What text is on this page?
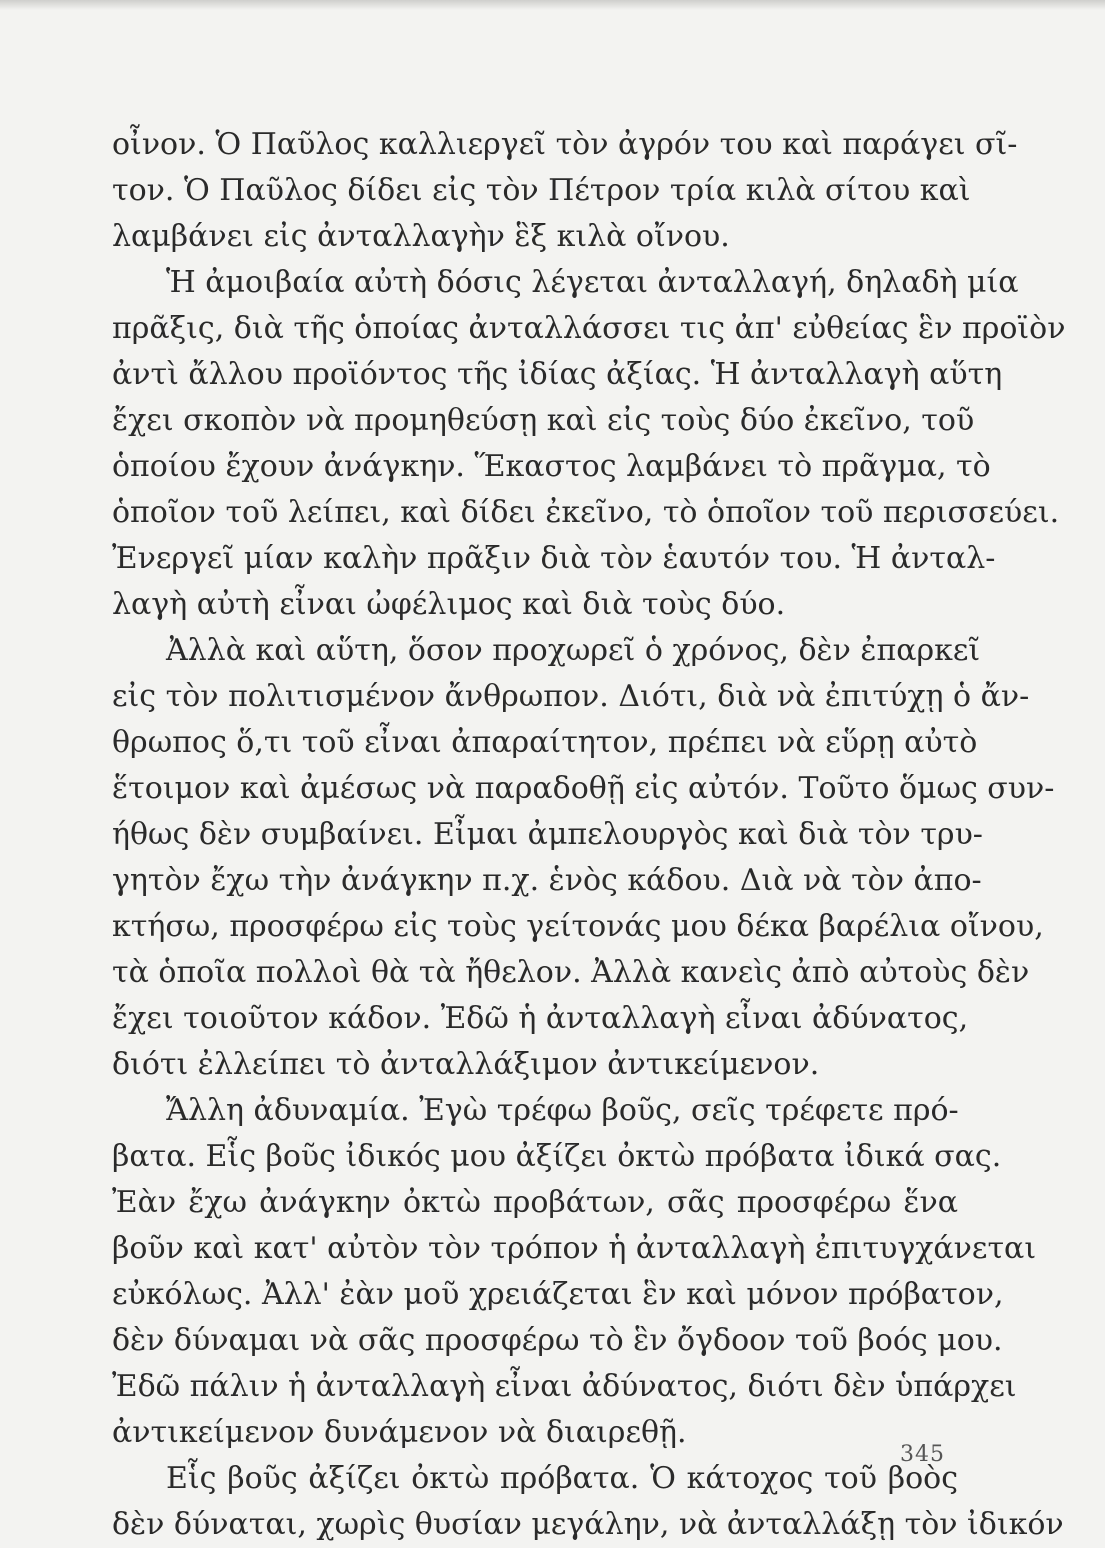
οἶνον. Ὁ Παῦλος καλλιεργεῖ τὸν ἀγρόν του καὶ παράγει σῖ-
τον. Ὁ Παῦλος δίδει εἰς τὸν Πέτρον τρία κιλὰ σίτου καὶ
λαμβάνει εἰς ἀνταλλαγὴν ἓξ κιλὰ οἴνου.
Ἡ ἀμοιβαία αὐτὴ δόσις λέγεται ἀνταλλαγή, δηλαδὴ μία
πρᾶξις, διὰ τῆς ὁποίας ἀνταλλάσσει τις ἀπ' εὐθείας ἓν προϊὸν
ἀντὶ ἄλλου προϊόντος τῆς ἰδίας ἀξίας. Ἡ ἀνταλλαγὴ αὕτη
ἔχει σκοπὸν νὰ προμηθεύσῃ καὶ εἰς τοὺς δύο ἐκεῖνο, τοῦ
ὁποίου ἔχουν ἀνάγκην. Ἕκαστος λαμβάνει τὸ πρᾶγμα, τὸ
ὁποῖον τοῦ λείπει, καὶ δίδει ἐκεῖνο, τὸ ὁποῖον τοῦ περισσεύει.
Ἐνεργεῖ μίαν καλὴν πρᾶξιν διὰ τὸν ἑαυτόν του. Ἡ ἀνταλ-
λαγὴ αὐτὴ εἶναι ὠφέλιμος καὶ διὰ τοὺς δύο.
Ἀλλὰ καὶ αὕτη, ὅσον προχωρεῖ ὁ χρόνος, δὲν ἐπαρκεῖ
εἰς τὸν πολιτισμένον ἄνθρωπον. Διότι, διὰ νὰ ἐπιτύχῃ ὁ ἄν-
θρωπος ὅ,τι τοῦ εἶναι ἀπαραίτητον, πρέπει νὰ εὕρῃ αὐτὸ
ἕτοιμον καὶ ἀμέσως νὰ παραδοθῇ εἰς αὐτόν. Τοῦτο ὅμως συν-
ήθως δὲν συμβαίνει. Εἶμαι ἀμπελουργὸς καὶ διὰ τὸν τρυ-
γητὸν ἔχω τὴν ἀνάγκην π.χ. ἑνὸς κάδου. Διὰ νὰ τὸν ἀπο-
κτήσω, προσφέρω εἰς τοὺς γείτονάς μου δέκα βαρέλια οἴνου,
τὰ ὁποῖα πολλοὶ θὰ τὰ ἤθελον. Ἀλλὰ κανεὶς ἀπὸ αὐτοὺς δὲν
ἔχει τοιοῦτον κάδον. Ἐδῶ ἡ ἀνταλλαγὴ εἶναι ἀδύνατος,
διότι ἐλλείπει τὸ ἀνταλλάξιμον ἀντικείμενον.
Ἄλλη ἀδυναμία. Ἐγὼ τρέφω βοῦς, σεῖς τρέφετε πρό-
βατα. Εἷς βοῦς ἰδικός μου ἀξίζει ὀκτὼ πρόβατα ἰδικά σας.
Ἐὰν ἔχω ἀνάγκην ὀκτὼ προβάτων, σᾶς προσφέρω ἕνα
βοῦν καὶ κατ' αὐτὸν τὸν τρόπον ἡ ἀνταλλαγὴ ἐπιτυγχάνεται
εὐκόλως. Ἀλλ' ἐὰν μοῦ χρειάζεται ἓν καὶ μόνον πρόβατον,
δὲν δύναμαι νὰ σᾶς προσφέρω τὸ ἓν ὄγδοον τοῦ βοός μου.
Ἐδῶ πάλιν ἡ ἀνταλλαγὴ εἶναι ἀδύνατος, διότι δὲν ὑπάρχει
ἀντικείμενον δυνάμενον νὰ διαιρεθῇ.
Εἷς βοῦς ἀξίζει ὀκτὼ πρόβατα. Ὁ κάτοχος τοῦ βοὸς
δὲν δύναται, χωρὶς θυσίαν μεγάλην, νὰ ἀνταλλάξῃ τὸν ἰδικόν
345
